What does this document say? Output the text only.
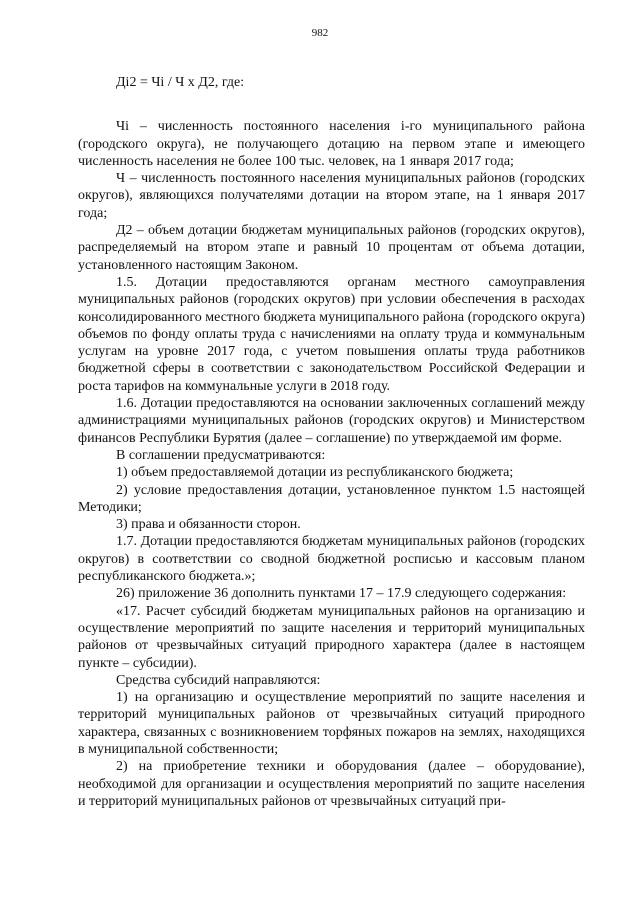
982

Дi2 = Чi / Ч x Д2, где:

Чi – численность постоянного населения i-го муниципального района (городского округа), не получающего дотацию на первом этапе и имеющего численность населения не более 100 тыс. человек, на 1 января 2017 года;

Ч – численность постоянного населения муниципальных районов (городских округов), являющихся получателями дотации на втором этапе, на 1 января 2017 года;

Д2 – объем дотации бюджетам муниципальных районов (городских округов), распределяемый на втором этапе и равный 10 процентам от объема дотации, установленного настоящим Законом.

1.5. Дотации предоставляются органам местного самоуправления муниципальных районов (городских округов) при условии обеспечения в расходах консолидированного местного бюджета муниципального района (городского округа) объемов по фонду оплаты труда с начислениями на оплату труда и коммунальным услугам на уровне 2017 года, с учетом повышения оплаты труда работников бюджетной сферы в соответствии с законодательством Российской Федерации и роста тарифов на коммунальные услуги в 2018 году.

1.6. Дотации предоставляются на основании заключенных соглашений между администрациями муниципальных районов (городских округов) и Министерством финансов Республики Бурятия (далее – соглашение) по утверждаемой им форме.

В соглашении предусматриваются:

1) объем предоставляемой дотации из республиканского бюджета;

2) условие предоставления дотации, установленное пунктом 1.5 настоящей Методики;

3) права и обязанности сторон.

1.7. Дотации предоставляются бюджетам муниципальных районов (городских округов) в соответствии со сводной бюджетной росписью и кассовым планом республиканского бюджета.»;

26) приложение 36 дополнить пунктами 17 – 17.9 следующего содержания:

«17. Расчет субсидий бюджетам муниципальных районов на организацию и осуществление мероприятий по защите населения и территорий муниципальных районов от чрезвычайных ситуаций природного характера (далее в настоящем пункте – субсидии).

Средства субсидий направляются:

1) на организацию и осуществление мероприятий по защите населения и территорий муниципальных районов от чрезвычайных ситуаций природного характера, связанных с возникновением торфяных пожаров на землях, находящихся в муниципальной собственности;

2) на приобретение техники и оборудования (далее – оборудование), необходимой для организации и осуществления мероприятий по защите населения и территорий муниципальных районов от чрезвычайных ситуаций при-
